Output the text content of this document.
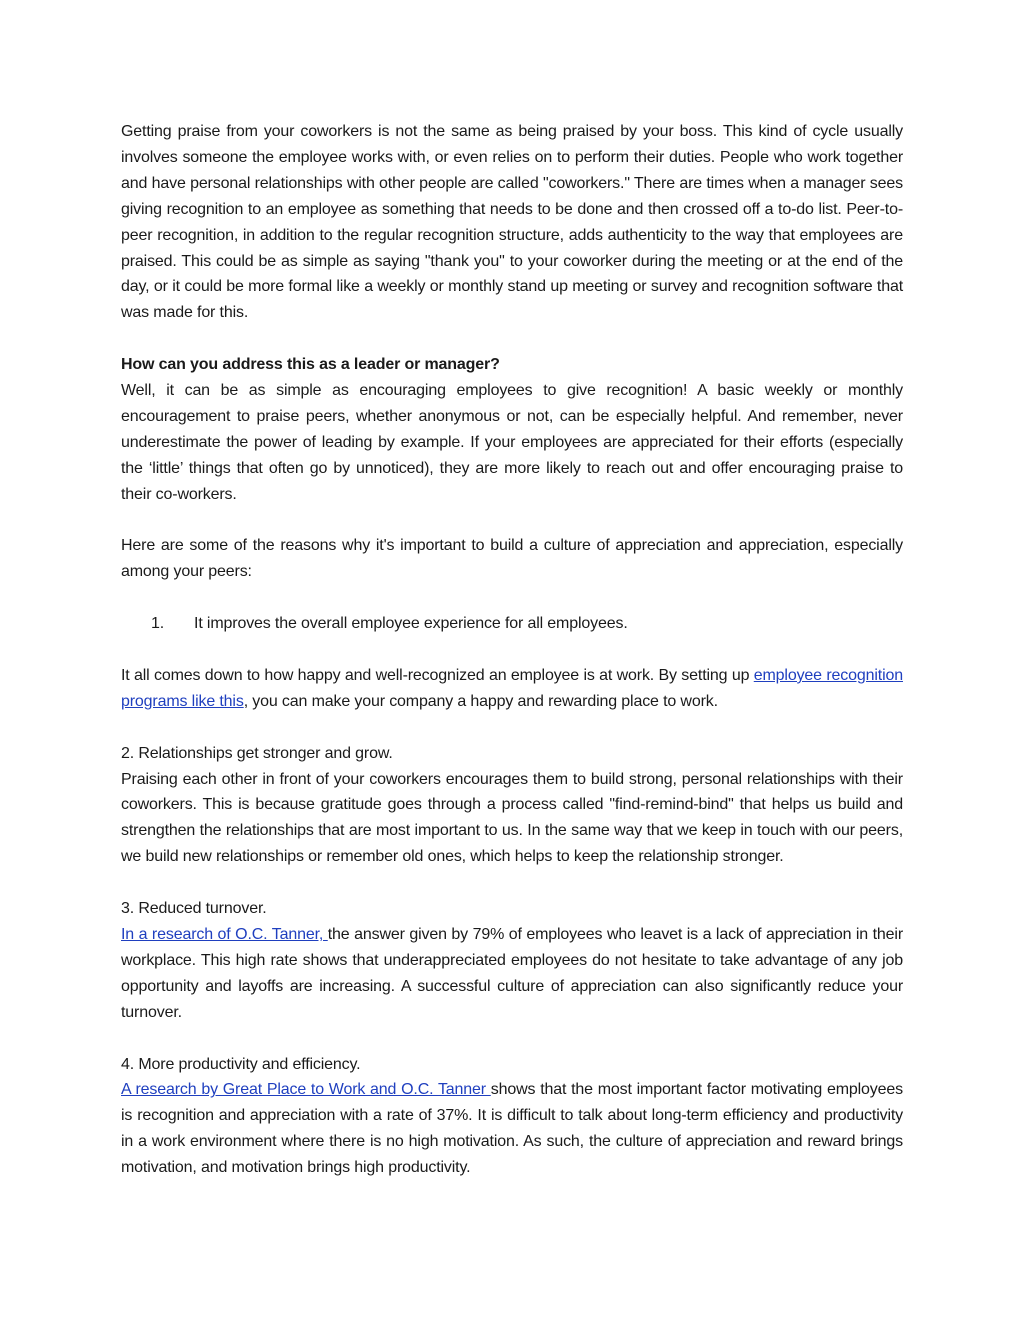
Getting praise from your coworkers is not the same as being praised by your boss. This kind of cycle usually involves someone the employee works with, or even relies on to perform their duties. People who work together and have personal relationships with other people are called "coworkers." There are times when a manager sees giving recognition to an employee as something that needs to be done and then crossed off a to-do list. Peer-to-peer recognition, in addition to the regular recognition structure, adds authenticity to the way that employees are praised. This could be as simple as saying "thank you" to your coworker during the meeting or at the end of the day, or it could be more formal like a weekly or monthly stand up meeting or survey and recognition software that was made for this.

How can you address this as a leader or manager?

Well, it can be as simple as encouraging employees to give recognition! A basic weekly or monthly encouragement to praise peers, whether anonymous or not, can be especially helpful. And remember, never underestimate the power of leading by example. If your employees are appreciated for their efforts (especially the ‘little’ things that often go by unnoticed), they are more likely to reach out and offer encouraging praise to their co-workers.

Here are some of the reasons why it's important to build a culture of appreciation and appreciation, especially among your peers:

1. It improves the overall employee experience for all employees.

It all comes down to how happy and well-recognized an employee is at work. By setting up employee recognition programs like this, you can make your company a happy and rewarding place to work.

2. Relationships get stronger and grow.

Praising each other in front of your coworkers encourages them to build strong, personal relationships with their coworkers. This is because gratitude goes through a process called "find-remind-bind" that helps us build and strengthen the relationships that are most important to us. In the same way that we keep in touch with our peers, we build new relationships or remember old ones, which helps to keep the relationship stronger.

3. Reduced turnover.

In a research of O.C. Tanner, the answer given by 79% of employees who leavet is a lack of appreciation in their workplace. This high rate shows that underappreciated employees do not hesitate to take advantage of any job opportunity and layoffs are increasing. A successful culture of appreciation can also significantly reduce your turnover.

4. More productivity and efficiency.

A research by Great Place to Work and O.C. Tanner shows that the most important factor motivating employees is recognition and appreciation with a rate of 37%. It is difficult to talk about long-term efficiency and productivity in a work environment where there is no high motivation. As such, the culture of appreciation and reward brings motivation, and motivation brings high productivity.
